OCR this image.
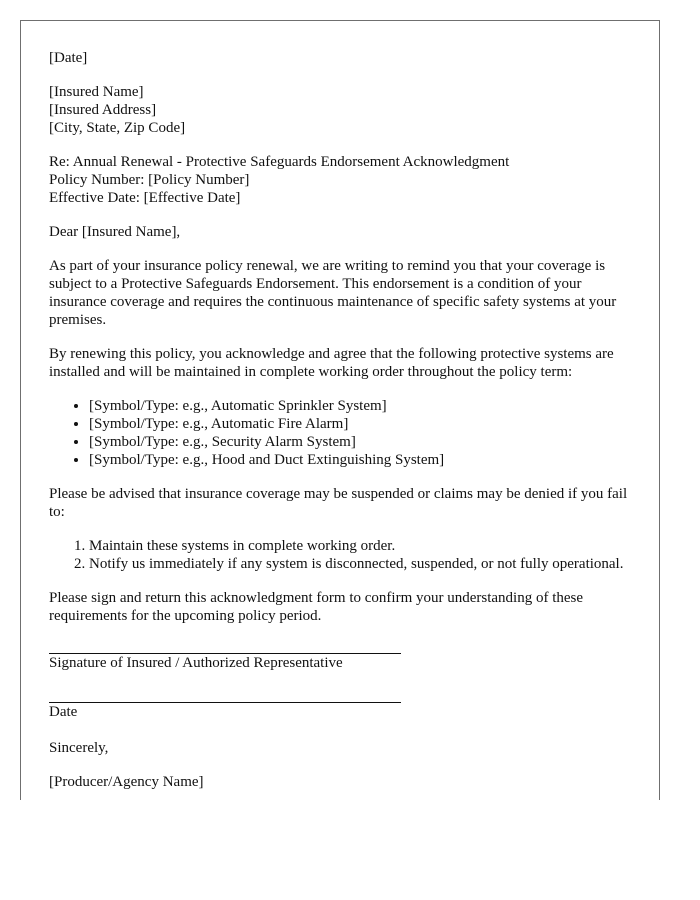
[Date]

[Insured Name]
[Insured Address]
[City, State, Zip Code]
Re: Annual Renewal - Protective Safeguards Endorsement Acknowledgment
Policy Number: [Policy Number]
Effective Date: [Effective Date]

Dear [Insured Name],

As part of your insurance policy renewal, we are writing to remind you that your coverage is subject to a Protective Safeguards Endorsement. This endorsement is a condition of your insurance coverage and requires the continuous maintenance of specific safety systems at your premises.

By renewing this policy, you acknowledge and agree that the following protective systems are installed and will be maintained in complete working order throughout the policy term:

• [Symbol/Type: e.g., Automatic Sprinkler System]
• [Symbol/Type: e.g., Automatic Fire Alarm]
• [Symbol/Type: e.g., Security Alarm System]
• [Symbol/Type: e.g., Hood and Duct Extinguishing System]

Please be advised that insurance coverage may be suspended or claims may be denied if you fail to:

1. Maintain these systems in complete working order.
2. Notify us immediately if any system is disconnected, suspended, or not fully operational.

Please sign and return this acknowledgment form to confirm your understanding of these requirements for the upcoming policy period.

Signature of Insured / Authorized Representative
Date

Sincerely,

[Producer/Agency Name]
